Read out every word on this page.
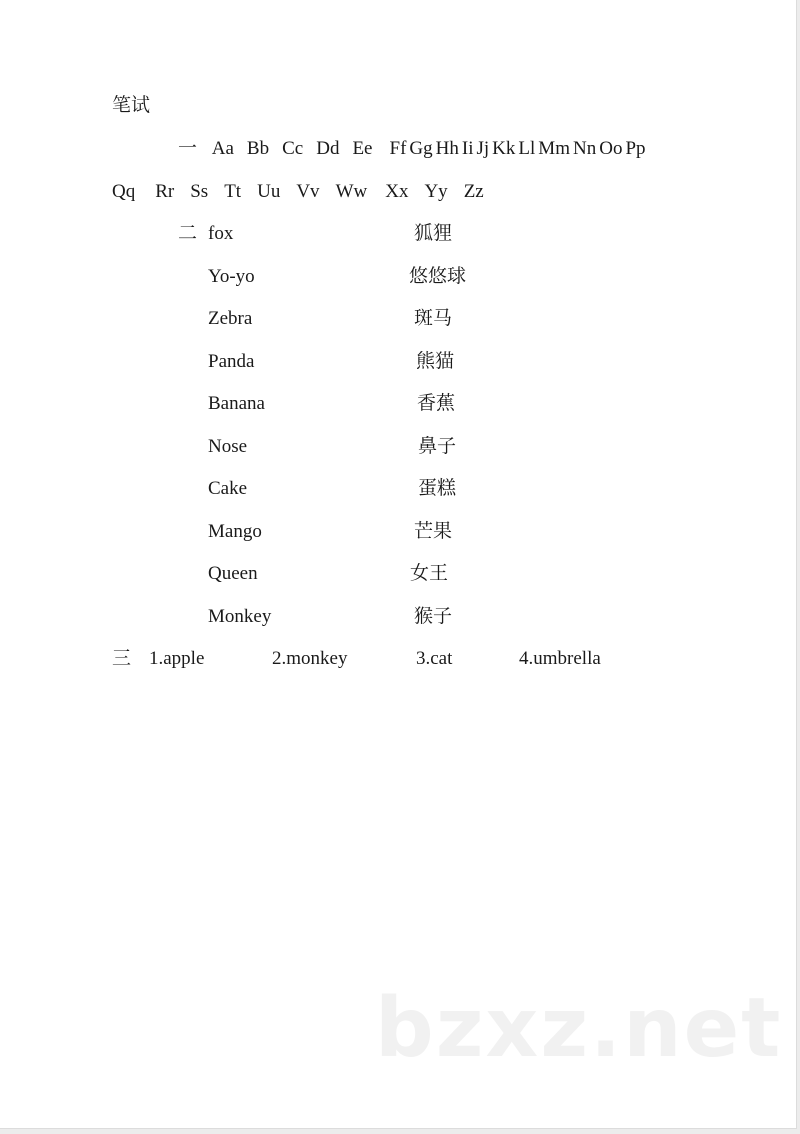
笔试
一 Aa Bb Cc Dd Ee Ff Gg Hh Ii Jj Kk Ll Mm Nn Oo Pp
Qq Rr Ss Tt Uu Vv Ww Xx Yy Zz
二 fox	狐狸
Yo-yo	悠悠球
Zebra	斑马
Panda	熊猫
Banana	香蕉
Nose	鼻子
Cake	蛋糕
Mango	芒果
Queen	女王
Monkey	猴子
三 1.apple	2.monkey	3.cat	4.umbrella
bzxz.net
